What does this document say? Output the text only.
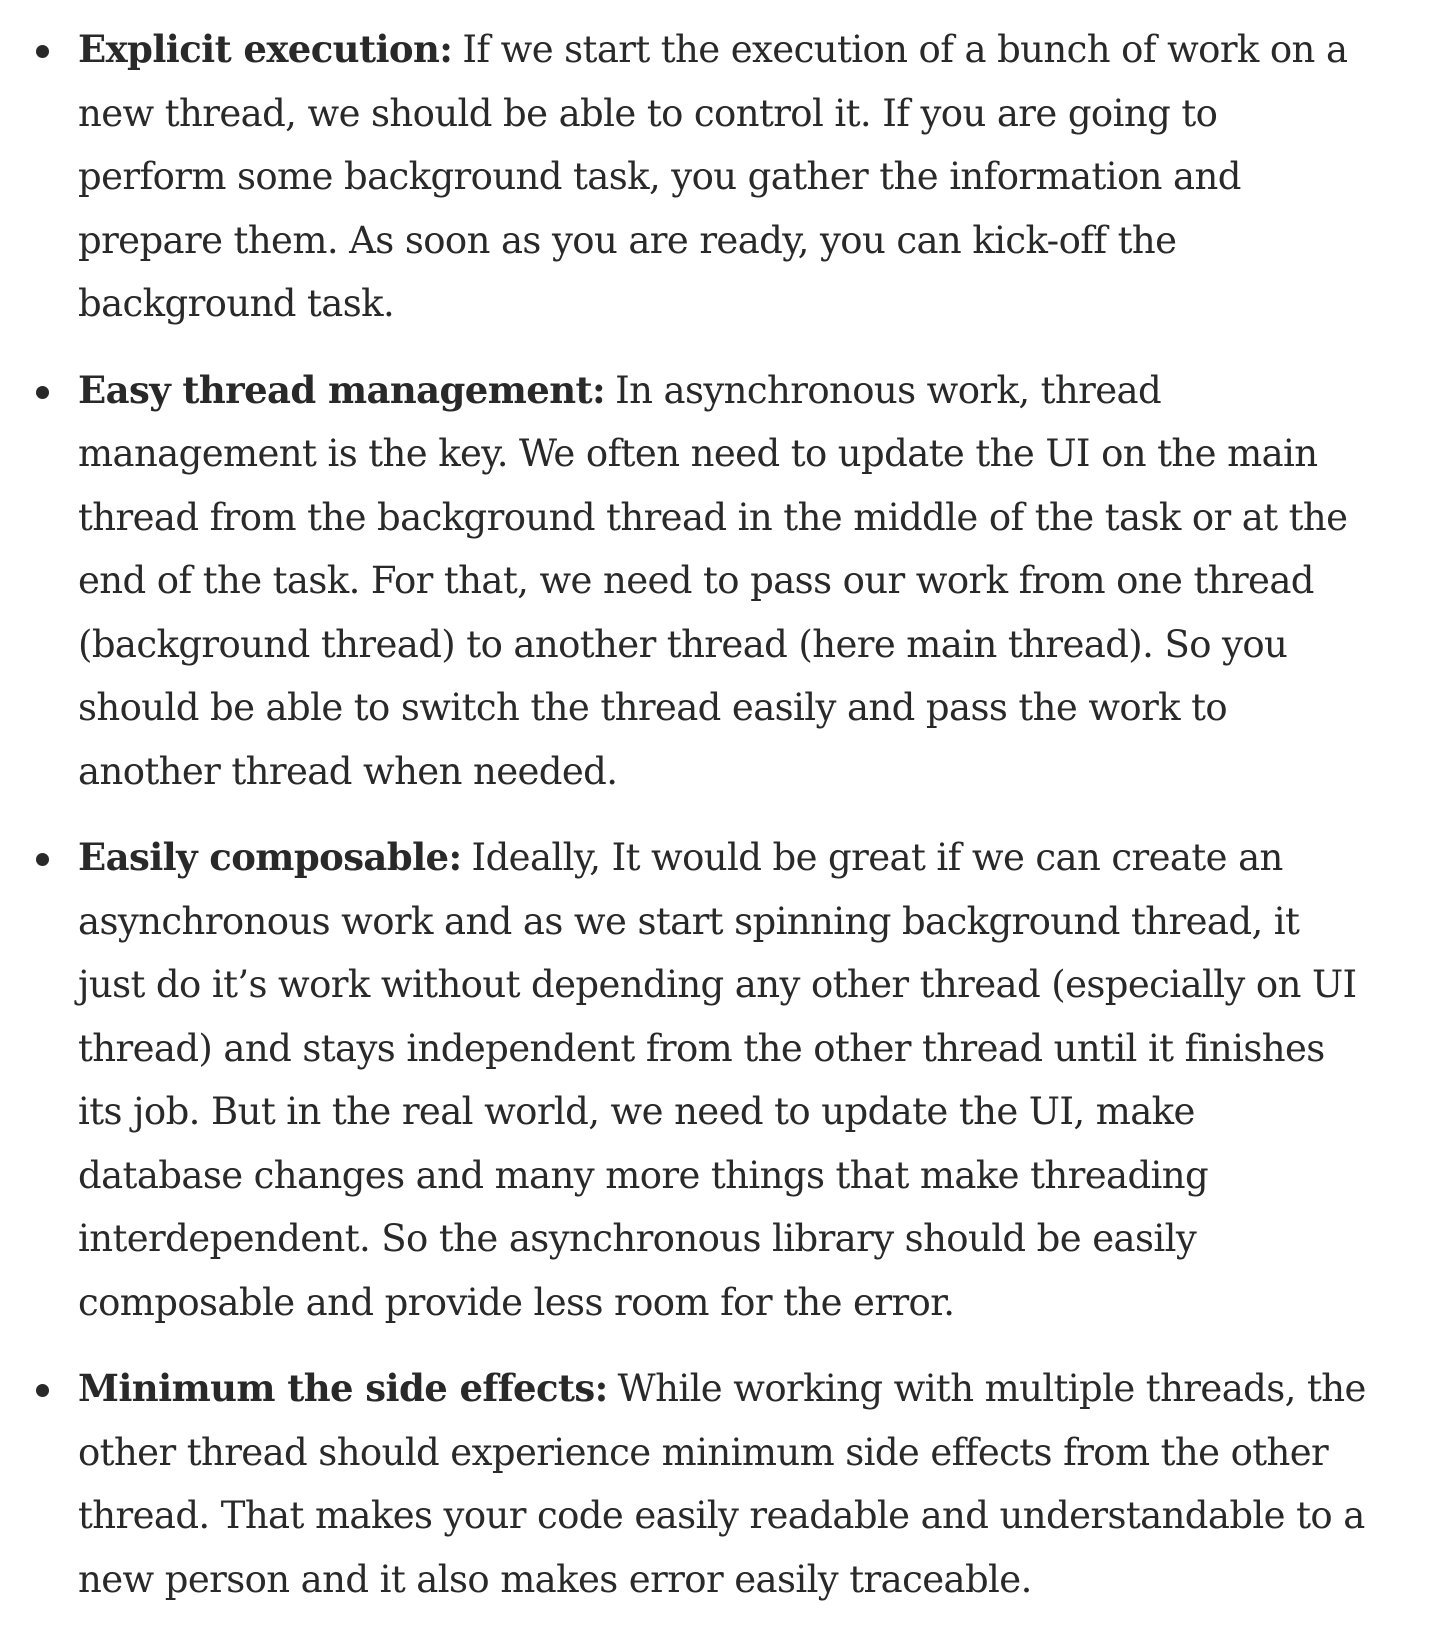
Explicit execution: If we start the execution of a bunch of work on a new thread, we should be able to control it. If you are going to perform some background task, you gather the information and prepare them. As soon as you are ready, you can kick-off the background task.
Easy thread management: In asynchronous work, thread management is the key. We often need to update the UI on the main thread from the background thread in the middle of the task or at the end of the task. For that, we need to pass our work from one thread (background thread) to another thread (here main thread). So you should be able to switch the thread easily and pass the work to another thread when needed.
Easily composable: Ideally, It would be great if we can create an asynchronous work and as we start spinning background thread, it just do it’s work without depending any other thread (especially on UI thread) and stays independent from the other thread until it finishes its job. But in the real world, we need to update the UI, make database changes and many more things that make threading interdependent. So the asynchronous library should be easily composable and provide less room for the error.
Minimum the side effects: While working with multiple threads, the other thread should experience minimum side effects from the other thread. That makes your code easily readable and understandable to a new person and it also makes error easily traceable.
